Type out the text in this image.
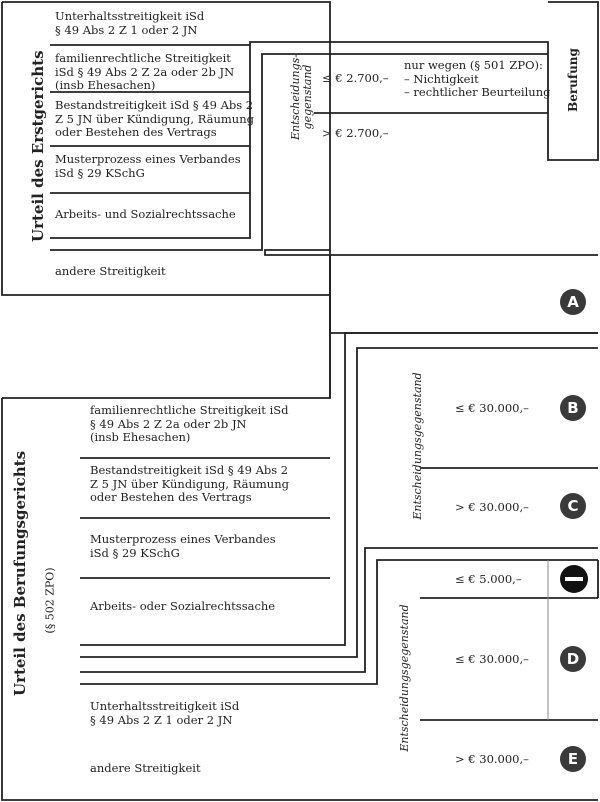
Urteil des Erstgerichts
Unterhaltsstreitigkeit iSd
§ 49 Abs 2 Z 1 oder 2 JN
familienrechtliche Streitigkeit
iSd § 49 Abs 2 Z 2a oder 2b JN
(insb Ehesachen)
Bestandstreitigkeit iSd § 49 Abs 2
Z 5 JN über Kündigung, Räumung
oder Bestehen des Vertrags
Musterprozess eines Verbandes
iSd § 29 KSchG
Arbeits- und Sozialrechtssache
andere Streitigkeit
Entscheidungs-
gegenstand ≤ € 2.700,–
nur wegen (§ 501 ZPO):
– Nichtigkeit
– rechtlicher Beurteilung
> € 2.700,–
Berufung
A
Urteil des Berufungsgerichts (§ 502 ZPO)
familienrechtliche Streitigkeit iSd
§ 49 Abs 2 Z 2a oder 2b JN
(insb Ehesachen)
Bestandstreitigkeit iSd § 49 Abs 2
Z 5 JN über Kündigung, Räumung
oder Bestehen des Vertrags
Musterprozess eines Verbandes
iSd § 29 KSchG
Arbeits- oder Sozialrechtssache
Unterhaltsstreitigkeit iSd
§ 49 Abs 2 Z 1 oder 2 JN
andere Streitigkeit
Entscheidungsgegenstand	≤ € 30.000,–
> € 30.000,–
B
C
Entscheidungsgegenstand
≤ € 5.000,–
≤ € 30.000,–
> € 30.000,–
D
E
